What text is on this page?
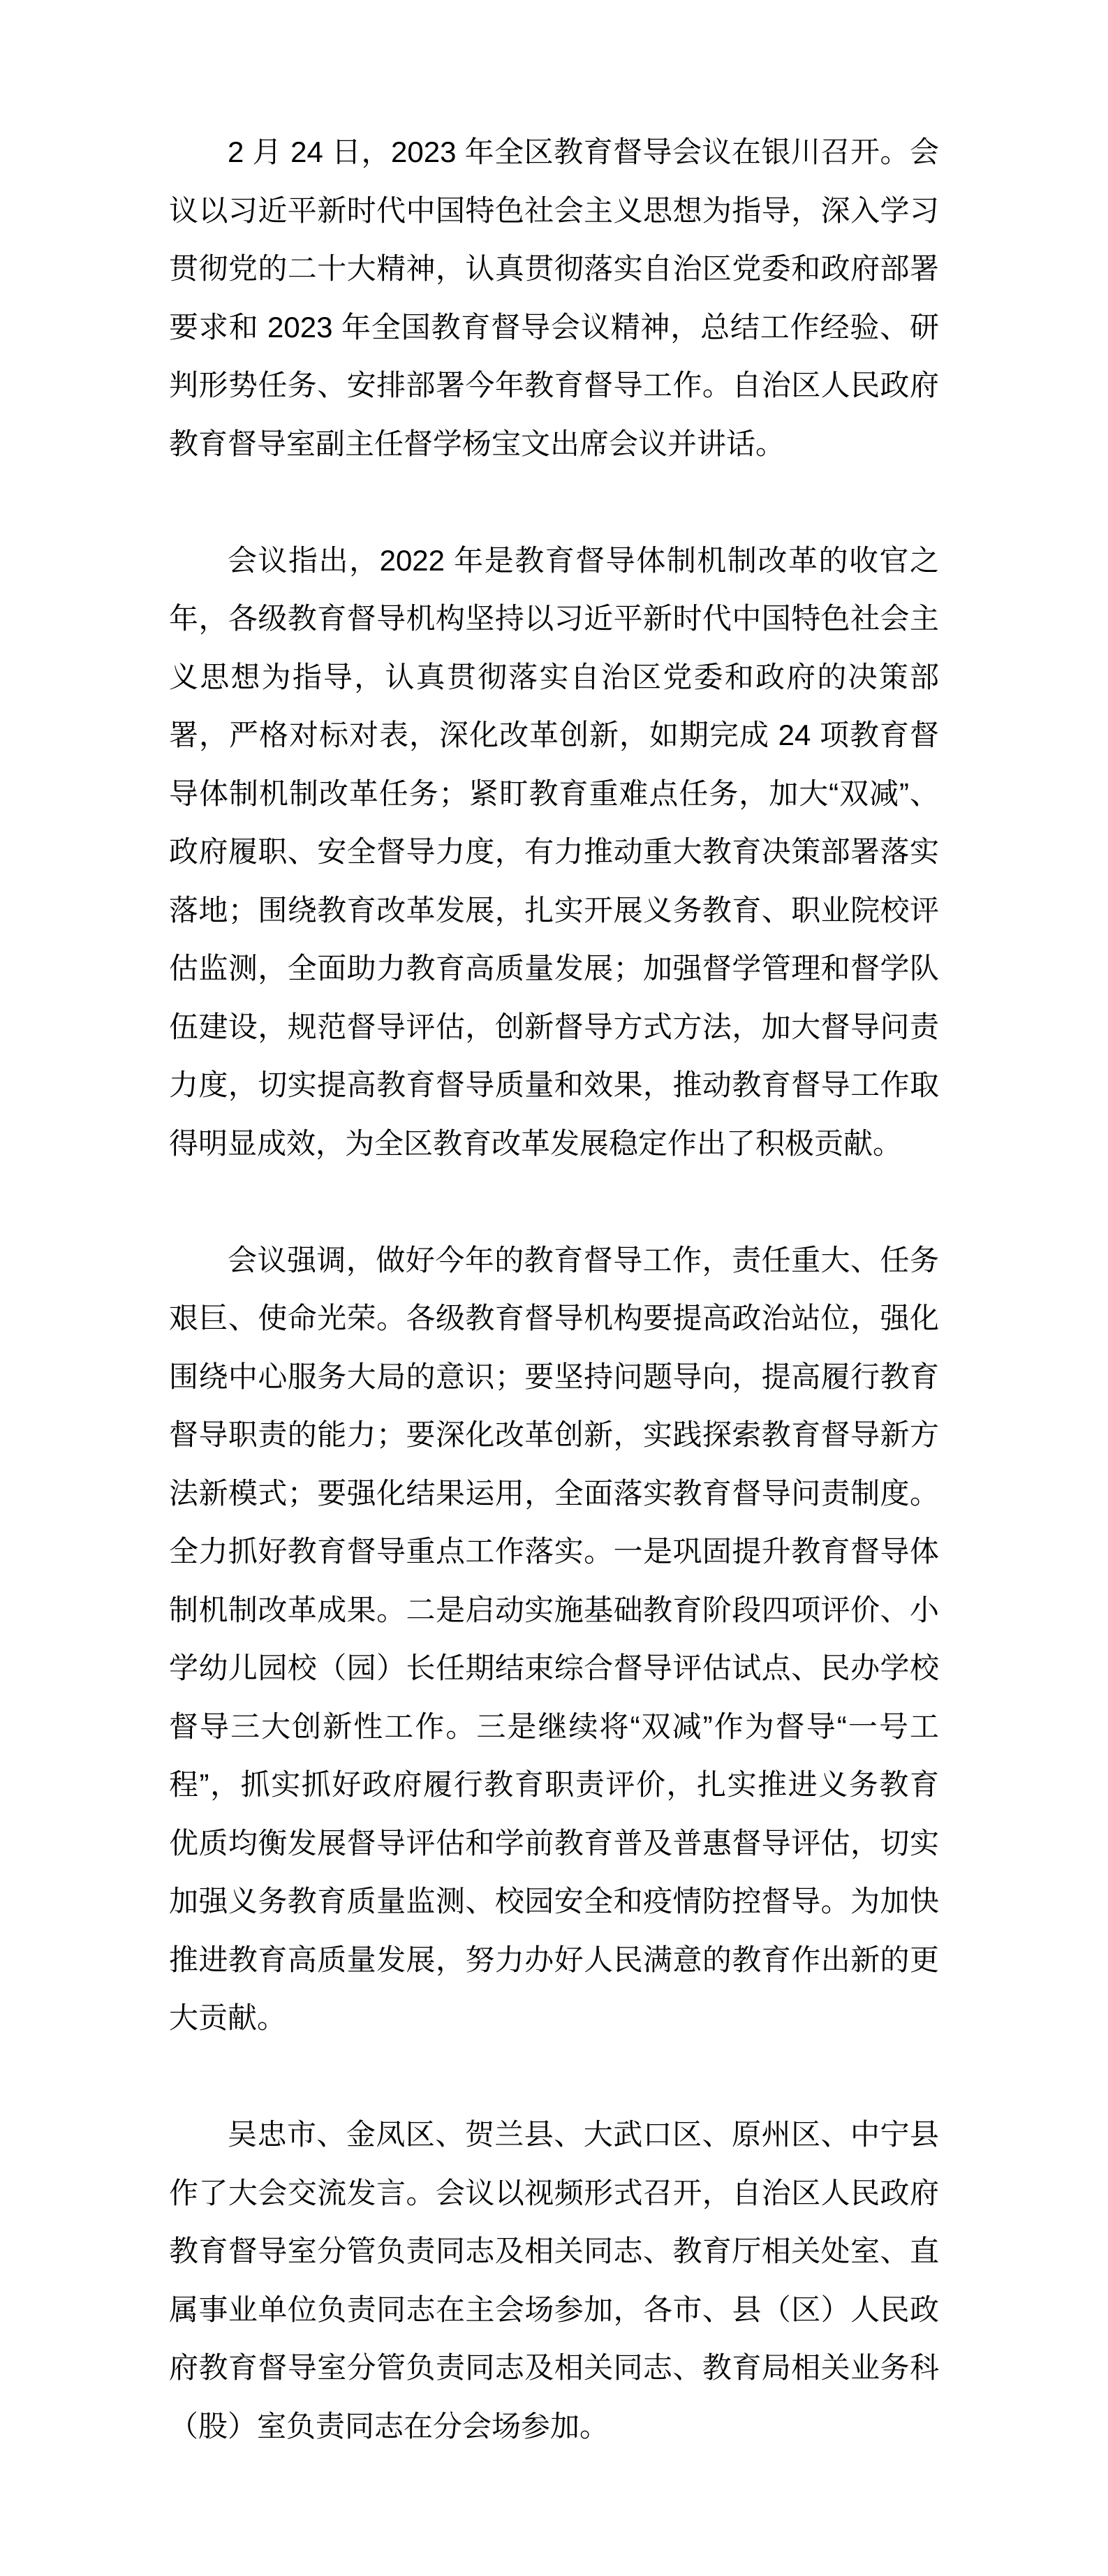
2 月 24 日，2023 年全区教育督导会议在银川召开。会议以习近平新时代中国特色社会主义思想为指导，深入学习贯彻党的二十大精神，认真贯彻落实自治区党委和政府部署要求和 2023 年全国教育督导会议精神，总结工作经验、研判形势任务、安排部署今年教育督导工作。自治区人民政府教育督导室副主任督学杨宝文出席会议并讲话。

会议指出，2022 年是教育督导体制机制改革的收官之年，各级教育督导机构坚持以习近平新时代中国特色社会主义思想为指导，认真贯彻落实自治区党委和政府的决策部署，严格对标对表，深化改革创新，如期完成 24 项教育督导体制机制改革任务；紧盯教育重难点任务，加大“双减”、政府履职、安全督导力度，有力推动重大教育决策部署落实落地；围绕教育改革发展，扎实开展义务教育、职业院校评估监测，全面助力教育高质量发展；加强督学管理和督学队伍建设，规范督导评估，创新督导方式方法，加大督导问责力度，切实提高教育督导质量和效果，推动教育督导工作取得明显成效，为全区教育改革发展稳定作出了积极贡献。

会议强调，做好今年的教育督导工作，责任重大、任务艰巨、使命光荣。各级教育督导机构要提高政治站位，强化围绕中心服务大局的意识；要坚持问题导向，提高履行教育督导职责的能力；要深化改革创新，实践探索教育督导新方法新模式；要强化结果运用，全面落实教育督导问责制度。全力抓好教育督导重点工作落实。一是巩固提升教育督导体制机制改革成果。二是启动实施基础教育阶段四项评价、小学幼儿园校（园）长任期结束综合督导评估试点、民办学校督导三大创新性工作。三是继续将“双减”作为督导“一号工程”，抓实抓好政府履行教育职责评价，扎实推进义务教育优质均衡发展督导评估和学前教育普及普惠督导评估，切实加强义务教育质量监测、校园安全和疫情防控督导。为加快推进教育高质量发展，努力办好人民满意的教育作出新的更大贡献。

吴忠市、金凤区、贺兰县、大武口区、原州区、中宁县作了大会交流发言。会议以视频形式召开，自治区人民政府教育督导室分管负责同志及相关同志、教育厅相关处室、直属事业单位负责同志在主会场参加，各市、县（区）人民政府教育督导室分管负责同志及相关同志、教育局相关业务科（股）室负责同志在分会场参加。
